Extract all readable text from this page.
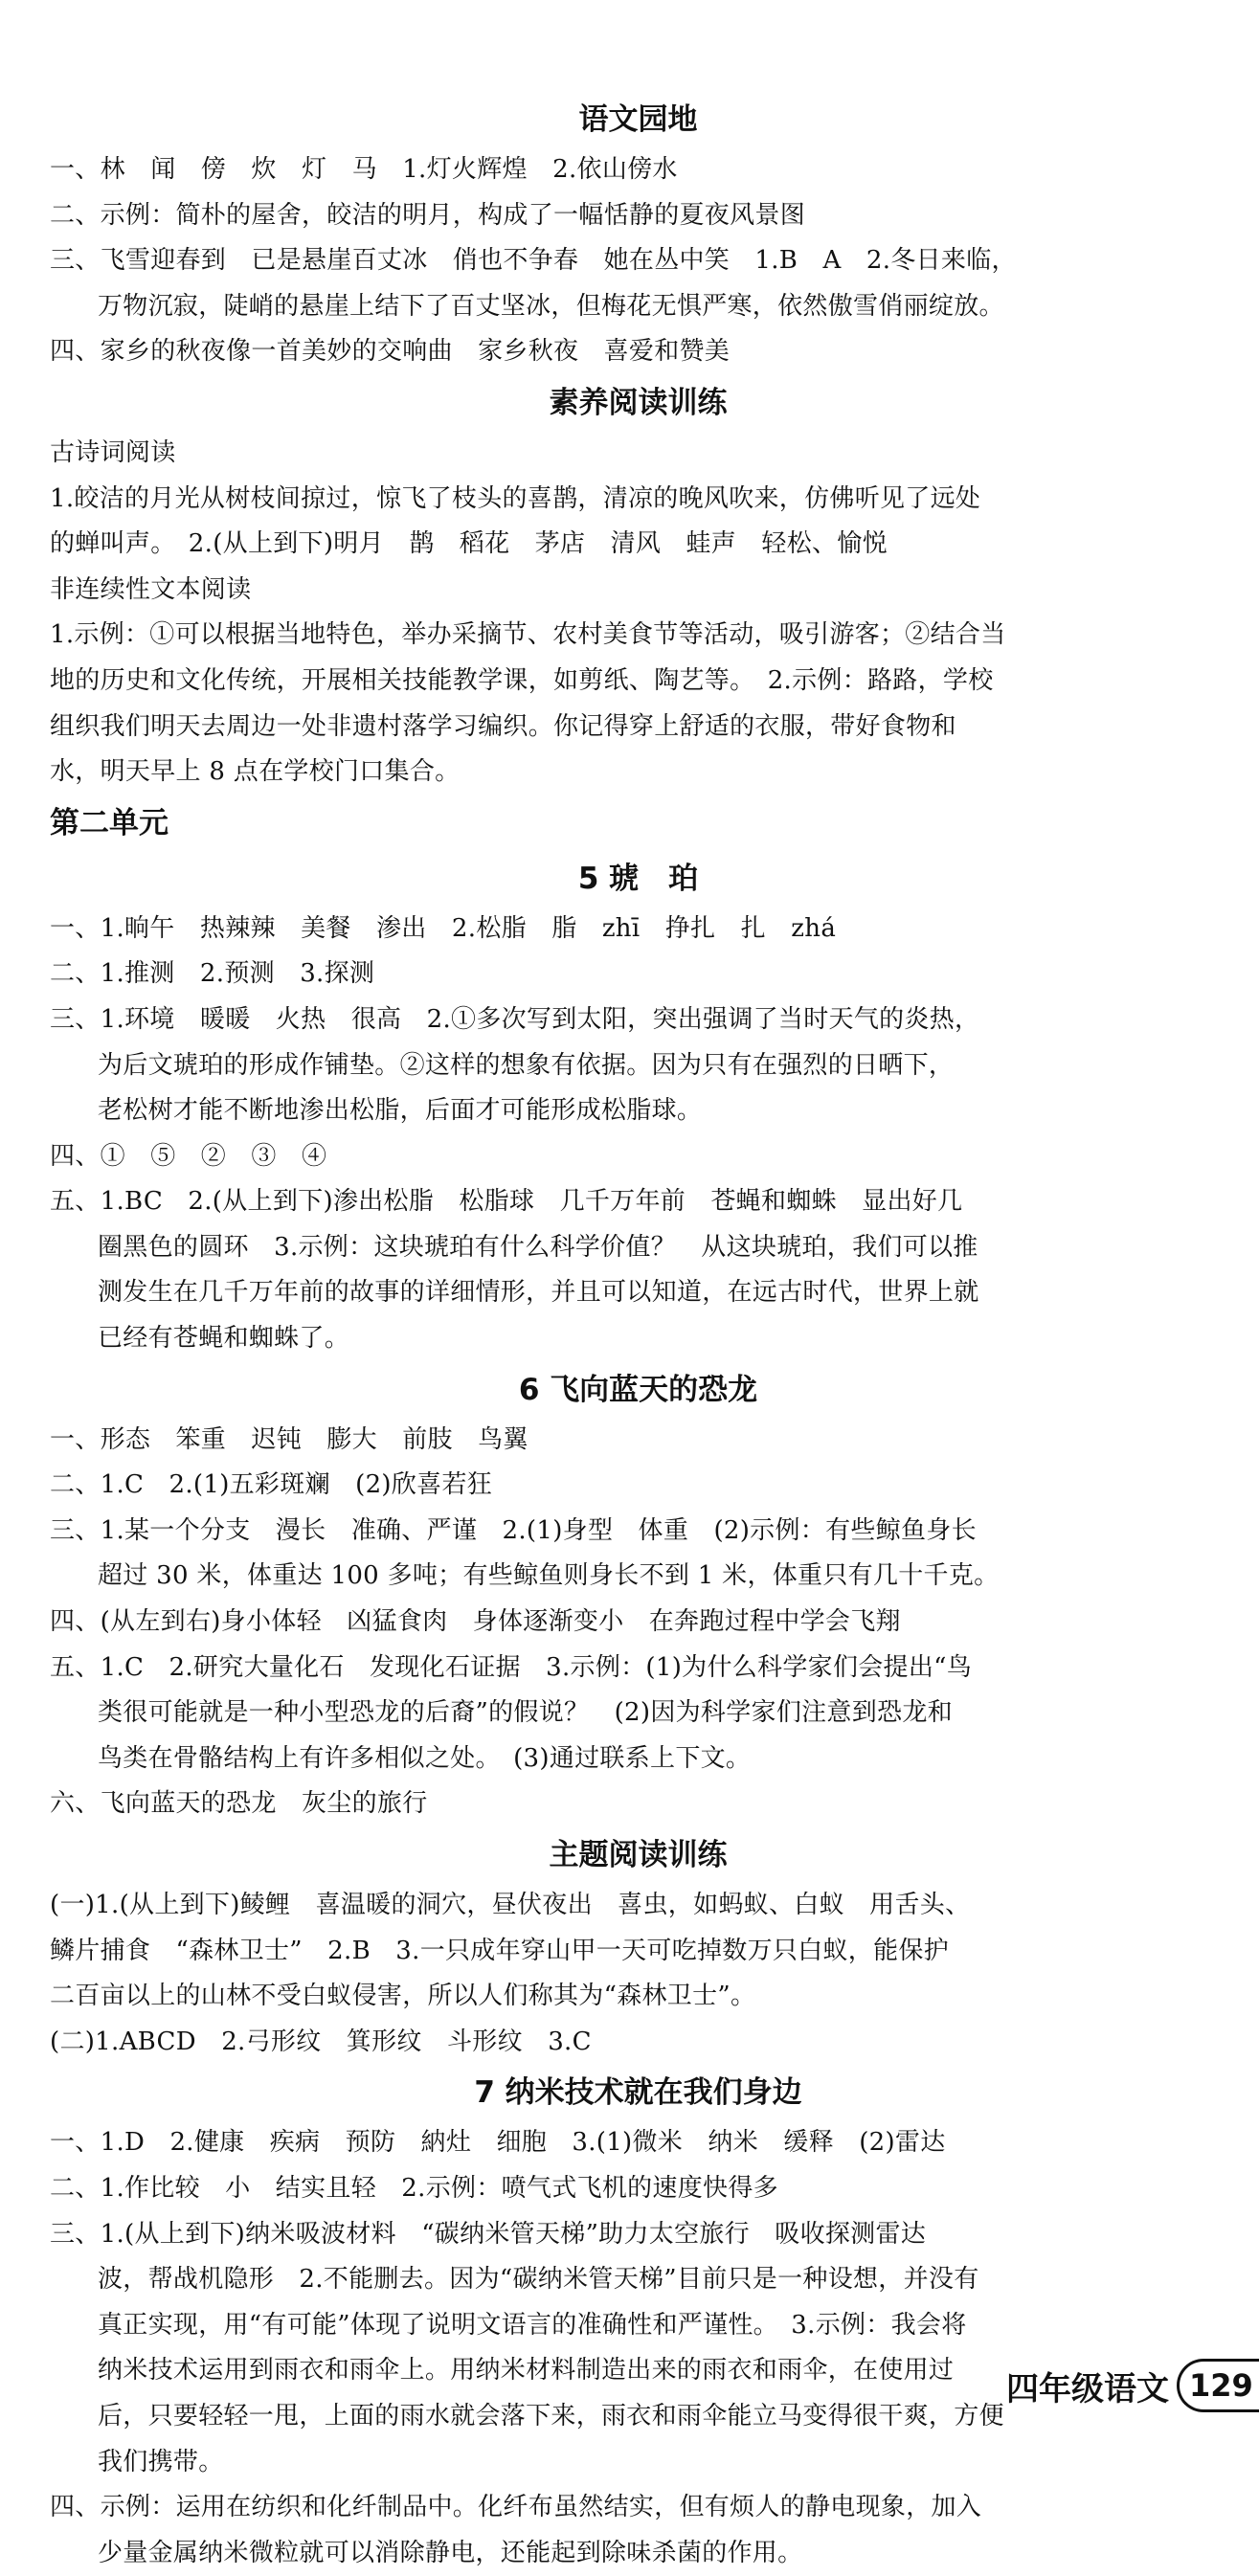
语文园地
一、林　闻　傍　炊　灯　马　1.灯火辉煌　2.依山傍水
二、示例：简朴的屋舍，皎洁的明月，构成了一幅恬静的夏夜风景图
三、飞雪迎春到　已是悬崖百丈冰　俏也不争春　她在丛中笑　1.B　A　2.冬日来临，
万物沉寂，陡峭的悬崖上结下了百丈坚冰，但梅花无惧严寒，依然傲雪俏丽绽放。
四、家乡的秋夜像一首美妙的交响曲　家乡秋夜　喜爱和赞美
素养阅读训练
古诗词阅读
1.皎洁的月光从树枝间掠过，惊飞了枝头的喜鹊，清凉的晚风吹来，仿佛听见了远处
的蝉叫声。　2.(从上到下)明月　鹊　稻花　茅店　清风　蛙声　轻松、愉悦
非连续性文本阅读
1.示例：①可以根据当地特色，举办采摘节、农村美食节等活动，吸引游客；②结合当
地的历史和文化传统，开展相关技能教学课，如剪纸、陶艺等。　2.示例：路路，学校
组织我们明天去周边一处非遗村落学习编织。你记得穿上舒适的衣服，带好食物和
水，明天早上 8 点在学校门口集合。
第二单元
5 琥　珀
一、1.晌午　热辣辣　美餐　渗出　2.松脂　脂　zhī　挣扎　扎　zhá
二、1.推测　2.预测　3.探测
三、1.环境　暖暖　火热　很高　2.①多次写到太阳，突出强调了当时天气的炎热，
为后文琥珀的形成作铺垫。②这样的想象有依据。因为只有在强烈的日晒下，
老松树才能不断地渗出松脂，后面才可能形成松脂球。
四、①　⑤　②　③　④
五、1.BC　2.(从上到下)渗出松脂　松脂球　几千万年前　苍蝇和蜘蛛　显出好几
圈黑色的圆环　3.示例：这块琥珀有什么科学价值？　从这块琥珀，我们可以推
测发生在几千万年前的故事的详细情形，并且可以知道，在远古时代，世界上就
已经有苍蝇和蜘蛛了。
6 飞向蓝天的恐龙
一、形态　笨重　迟钝　膨大　前肢　鸟翼
二、1.C　2.(1)五彩斑斓　(2)欣喜若狂
三、1.某一个分支　漫长　准确、严谨　2.(1)身型　体重　(2)示例：有些鲸鱼身长
超过 30 米，体重达 100 多吨；有些鲸鱼则身长不到 1 米，体重只有几十千克。
四、(从左到右)身小体轻　凶猛食肉　身体逐渐变小　在奔跑过程中学会飞翔
五、1.C　2.研究大量化石　发现化石证据　3.示例：(1)为什么科学家们会提出“鸟
类很可能就是一种小型恐龙的后裔”的假说？　(2)因为科学家们注意到恐龙和
鸟类在骨骼结构上有许多相似之处。　(3)通过联系上下文。
六、飞向蓝天的恐龙　灰尘的旅行
主题阅读训练
(一)1.(从上到下)鲮鲤　喜温暖的洞穴，昼伏夜出　喜虫，如蚂蚁、白蚁　用舌头、
鳞片捕食　“森林卫士”　2.B　3.一只成年穿山甲一天可吃掉数万只白蚁，能保护
二百亩以上的山林不受白蚁侵害，所以人们称其为“森林卫士”。
(二)1.ABCD　2.弓形纹　箕形纹　斗形纹　3.C
7 纳米技术就在我们身边
一、1.D　2.健康　疾病　预防　納灶　细胞　3.(1)微米　纳米　缓释　(2)雷达
二、1.作比较　小　结实且轻　2.示例：喷气式飞机的速度快得多
三、1.(从上到下)纳米吸波材料　“碳纳米管天梯”助力太空旅行　吸收探测雷达
波，帮战机隐形　2.不能删去。因为“碳纳米管天梯”目前只是一种设想，并没有
真正实现，用“有可能”体现了说明文语言的准确性和严谨性。　3.示例：我会将
纳米技术运用到雨衣和雨伞上。用纳米材料制造出来的雨衣和雨伞，在使用过
后，只要轻轻一甩，上面的雨水就会落下来，雨衣和雨伞能立马变得很干爽，方便
我们携带。
四、示例：运用在纺织和化纤制品中。化纤布虽然结实，但有烦人的静电现象，加入
少量金属纳米微粒就可以消除静电，还能起到除味杀菌的作用。
四年级语文 129
